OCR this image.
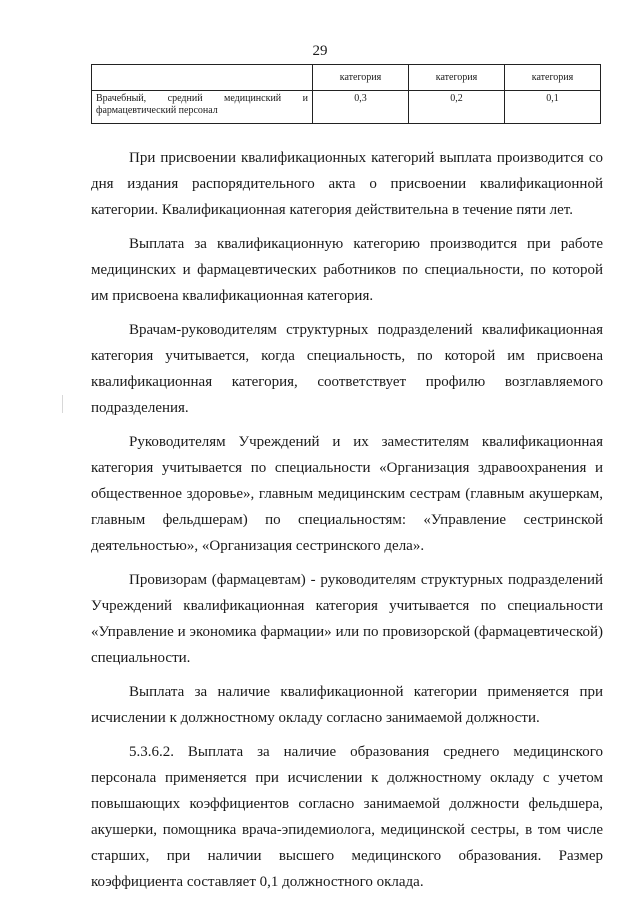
29
	категория	категория	категория

Врачебный, средний медицинский и
фармацевтический персонал	0,3	0,2	0,1

При присвоении квалификационных категорий выплата производится со дня издания распорядительного акта о присвоении квалификационной категории. Квалификационная категория действительна в течение пяти лет.

Выплата за квалификационную категорию производится при работе медицинских и фармацевтических работников по специальности, по которой им присвоена квалификационная категория.

Врачам-руководителям структурных подразделений квалификационная категория учитывается, когда специальность, по которой им присвоена квалификационная категория, соответствует профилю возглавляемого подразделения.

Руководителям Учреждений и их заместителям квалификационная категория учитывается по специальности «Организация здравоохранения и общественное здоровье», главным медицинским сестрам (главным акушеркам, главным фельдшерам) по специальностям: «Управление сестринской деятельностью», «Организация сестринского дела».

Провизорам (фармацевтам) - руководителям структурных подразделений Учреждений квалификационная категория учитывается по специальности «Управление и экономика фармации» или по провизорской (фармацевтической) специальности.

Выплата за наличие квалификационной категории применяется при исчислении к должностному окладу согласно занимаемой должности.

5.3.6.2. Выплата за наличие образования среднего медицинского персонала применяется при исчислении к должностному окладу с учетом повышающих коэффициентов согласно занимаемой должности фельдшера, акушерки, помощника врача-эпидемиолога, медицинской сестры, в том числе старших, при наличии высшего медицинского образования. Размер коэффициента составляет 0,1 должностного оклада.
